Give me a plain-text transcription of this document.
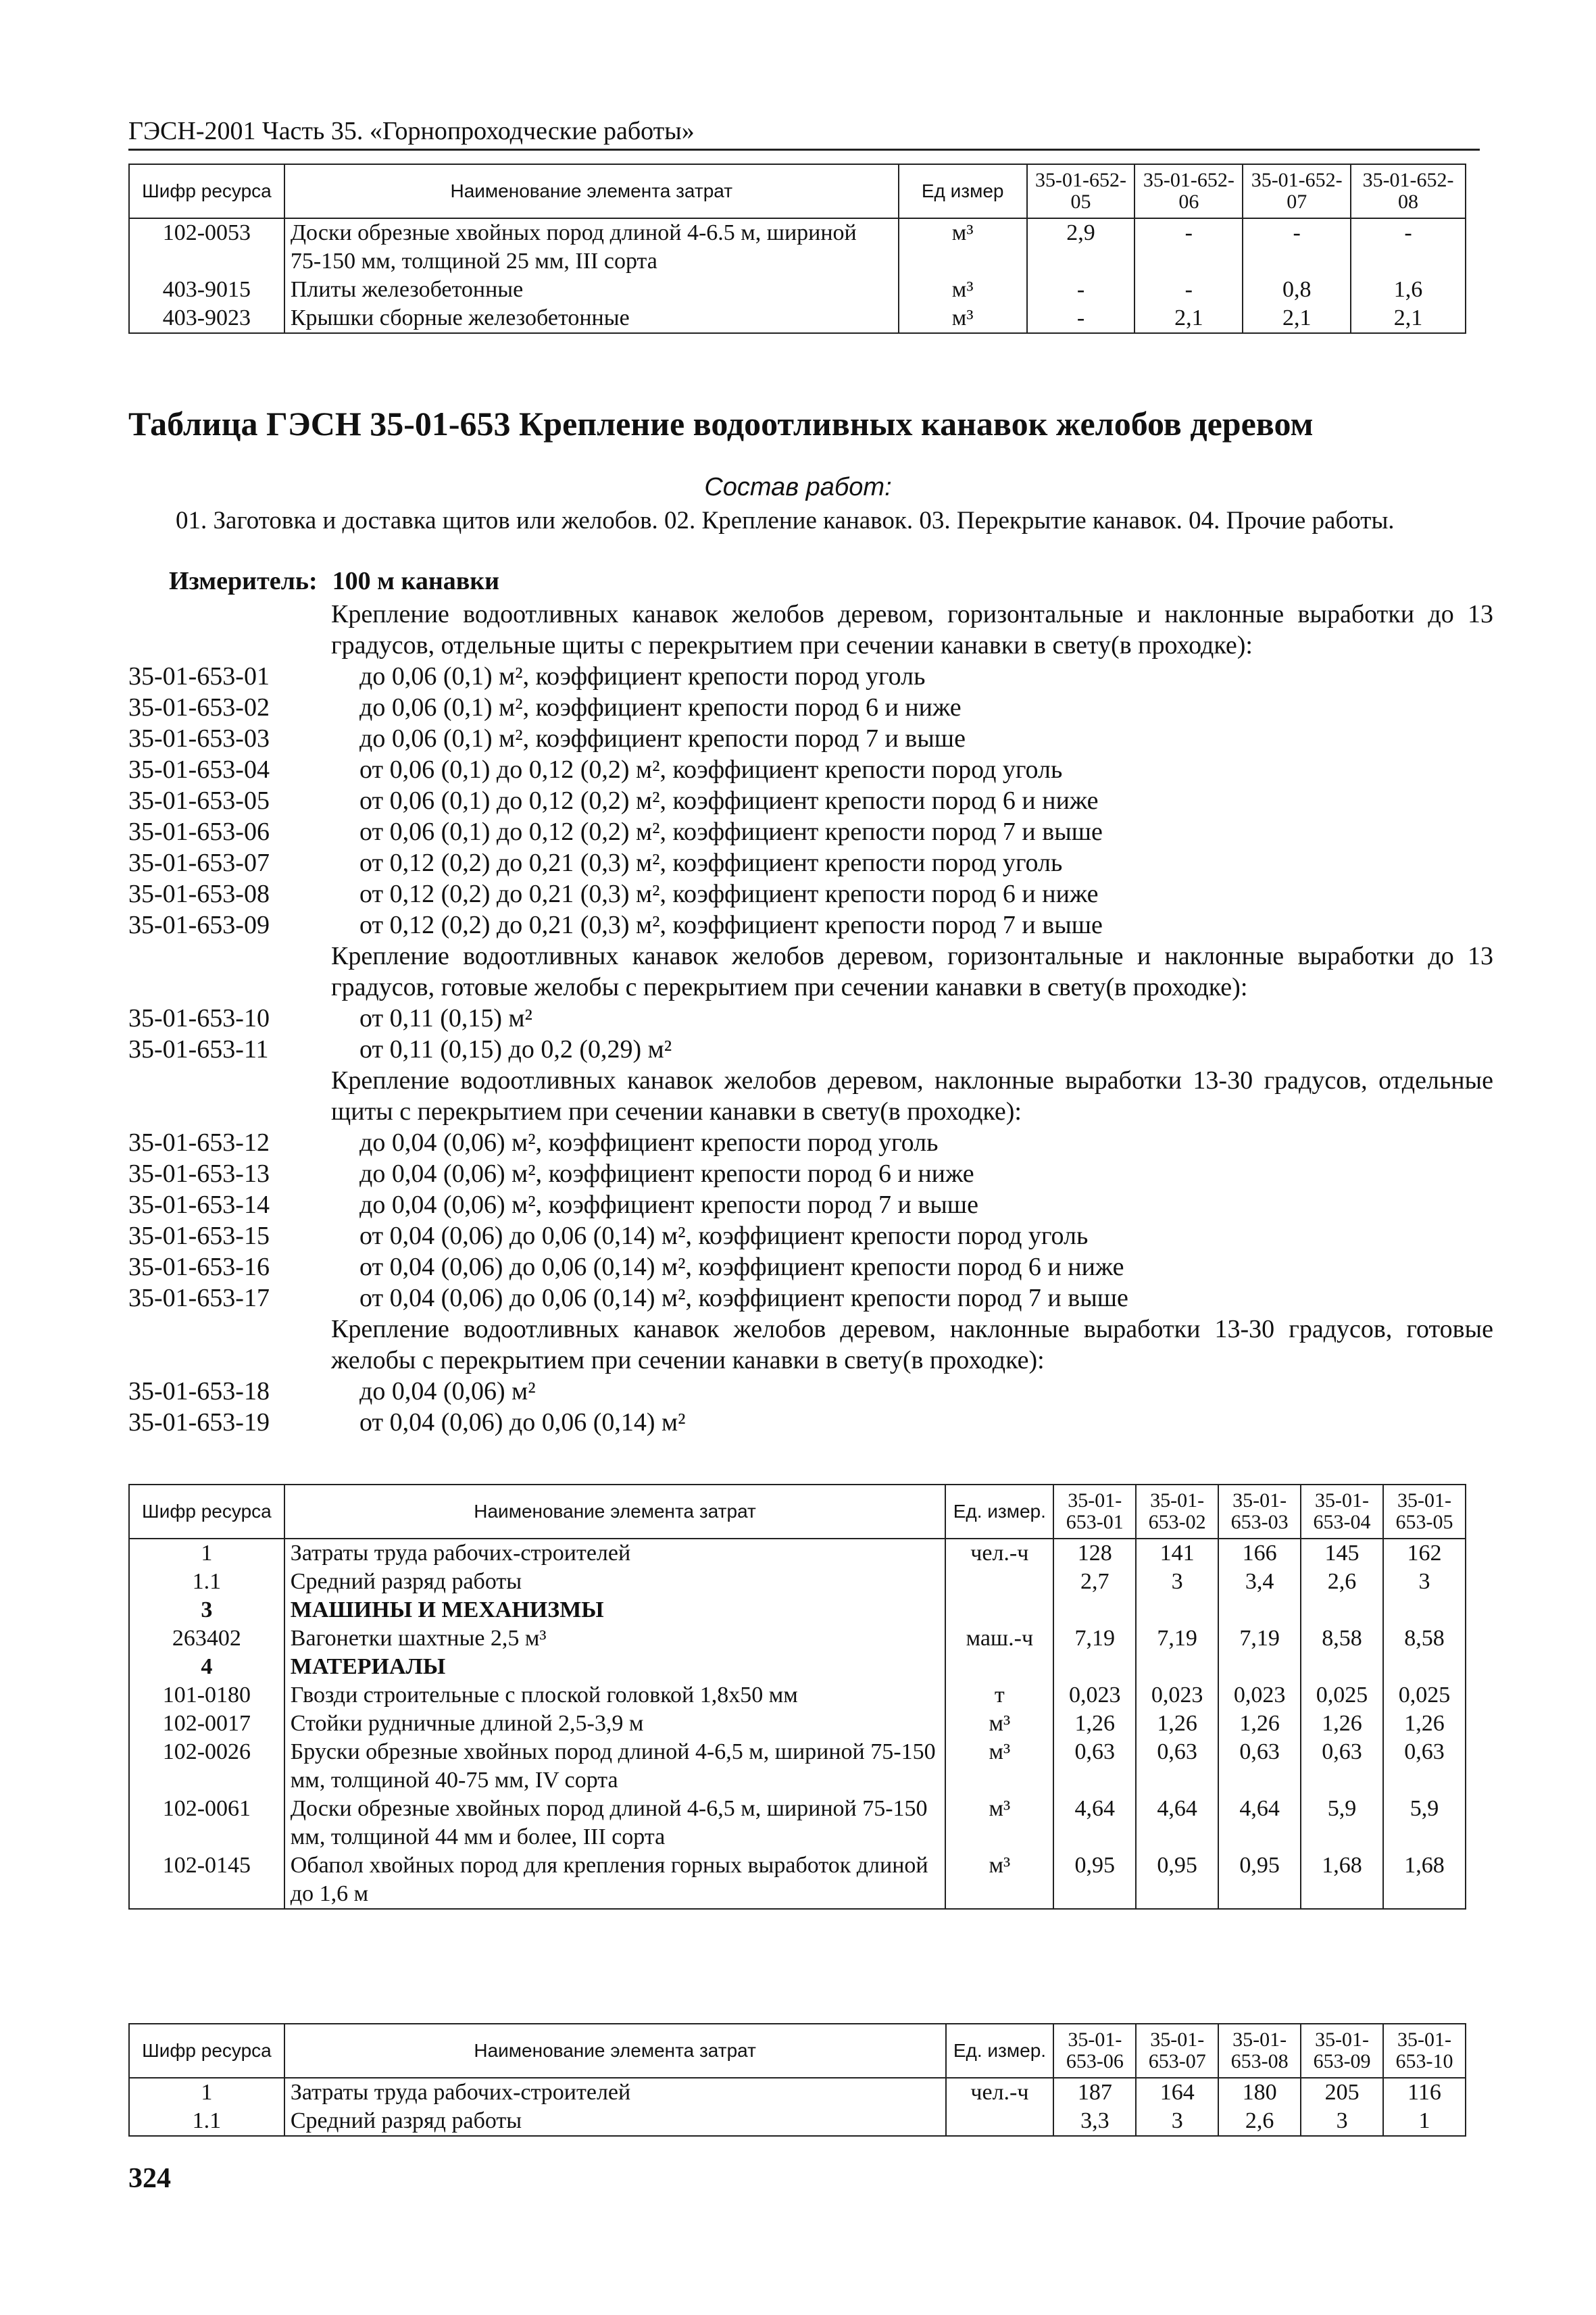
ГЭСН-2001 Часть 35. «Горнопроходческие работы»
Шифр ресурса	Наименование элемента затрат	Ед измер	35-01-652-05	35-01-652-06	35-01-652-07	35-01-652-08
102-0053	Доски обрезные хвойных пород длиной 4-6.5 м, шириной 75-150 мм, толщиной 25 мм, III сорта	м³	2,9	-	-	-
403-9015	Плиты железобетонные	м³	-	-	0,8	1,6
403-9023	Крышки сборные железобетонные	м³	-	2,1	2,1	2,1
Таблица ГЭСН 35-01-653 Крепление водоотливных канавок желобов деревом
Состав работ:
01. Заготовка и доставка щитов или желобов. 02. Крепление канавок. 03. Перекрытие канавок. 04. Прочие работы.
Измеритель: 100 м канавки
Крепление водоотливных канавок желобов деревом, горизонтальные и наклонные выработки до 13 градусов, отдельные щиты с перекрытием при сечении канавки в свету(в проходке):
35-01-653-01	до 0,06 (0,1) м², коэффициент крепости пород уголь
35-01-653-02	до 0,06 (0,1) м², коэффициент крепости пород 6 и ниже
35-01-653-03	до 0,06 (0,1) м², коэффициент крепости пород 7 и выше
35-01-653-04	от 0,06 (0,1) до 0,12 (0,2) м², коэффициент крепости пород уголь
35-01-653-05	от 0,06 (0,1) до 0,12 (0,2) м², коэффициент крепости пород 6 и ниже
35-01-653-06	от 0,06 (0,1) до 0,12 (0,2) м², коэффициент крепости пород 7 и выше
35-01-653-07	от 0,12 (0,2) до 0,21 (0,3) м², коэффициент крепости пород уголь
35-01-653-08	от 0,12 (0,2) до 0,21 (0,3) м², коэффициент крепости пород 6 и ниже
35-01-653-09	от 0,12 (0,2) до 0,21 (0,3) м², коэффициент крепости пород 7 и выше
Крепление водоотливных канавок желобов деревом, горизонтальные и наклонные выработки до 13 градусов, готовые желобы с перекрытием при сечении канавки в свету(в проходке):
35-01-653-10	от 0,11 (0,15) м²
35-01-653-11	от 0,11 (0,15) до 0,2 (0,29) м²
Крепление водоотливных канавок желобов деревом, наклонные выработки 13-30 градусов, отдельные щиты с перекрытием при сечении канавки в свету(в проходке):
35-01-653-12	до 0,04 (0,06) м², коэффициент крепости пород уголь
35-01-653-13	до 0,04 (0,06) м², коэффициент крепости пород 6 и ниже
35-01-653-14	до 0,04 (0,06) м², коэффициент крепости пород 7 и выше
35-01-653-15	от 0,04 (0,06) до 0,06 (0,14) м², коэффициент крепости пород уголь
35-01-653-16	от 0,04 (0,06) до 0,06 (0,14) м², коэффициент крепости пород 6 и ниже
35-01-653-17	от 0,04 (0,06) до 0,06 (0,14) м², коэффициент крепости пород 7 и выше
Крепление водоотливных канавок желобов деревом, наклонные выработки 13-30 градусов, готовые желобы с перекрытием при сечении канавки в свету(в проходке):
35-01-653-18	до 0,04 (0,06) м²
35-01-653-19	от 0,04 (0,06) до 0,06 (0,14) м²
Шифр ресурса	Наименование элемента затрат	Ед. измер.	35-01-653-01	35-01-653-02	35-01-653-03	35-01-653-04	35-01-653-05
1	Затраты труда рабочих-строителей	чел.-ч	128	141	166	145	162
1.1	Средний разряд работы		2,7	3	3,4	2,6	3
3	МАШИНЫ И МЕХАНИЗМЫ						
263402	Вагонетки шахтные 2,5 м³	маш.-ч	7,19	7,19	7,19	8,58	8,58
4	МАТЕРИАЛЫ						
101-0180	Гвозди строительные с плоской головкой 1,8х50 мм	т	0,023	0,023	0,023	0,025	0,025
102-0017	Стойки рудничные длиной 2,5-3,9 м	м³	1,26	1,26	1,26	1,26	1,26
102-0026	Бруски обрезные хвойных пород длиной 4-6,5 м, шириной 75-150 мм, толщиной 40-75 мм, IV сорта	м³	0,63	0,63	0,63	0,63	0,63
102-0061	Доски обрезные хвойных пород длиной 4-6,5 м, шириной 75-150 мм, толщиной 44 мм и более, III сорта	м³	4,64	4,64	4,64	5,9	5,9
102-0145	Обапол хвойных пород для крепления горных выработок длиной до 1,6 м	м³	0,95	0,95	0,95	1,68	1,68
Шифр ресурса	Наименование элемента затрат	Ед. измер.	35-01-653-06	35-01-653-07	35-01-653-08	35-01-653-09	35-01-653-10
1	Затраты труда рабочих-строителей	чел.-ч	187	164	180	205	116
1.1	Средний разряд работы		3,3	3	2,6	3	1
324
